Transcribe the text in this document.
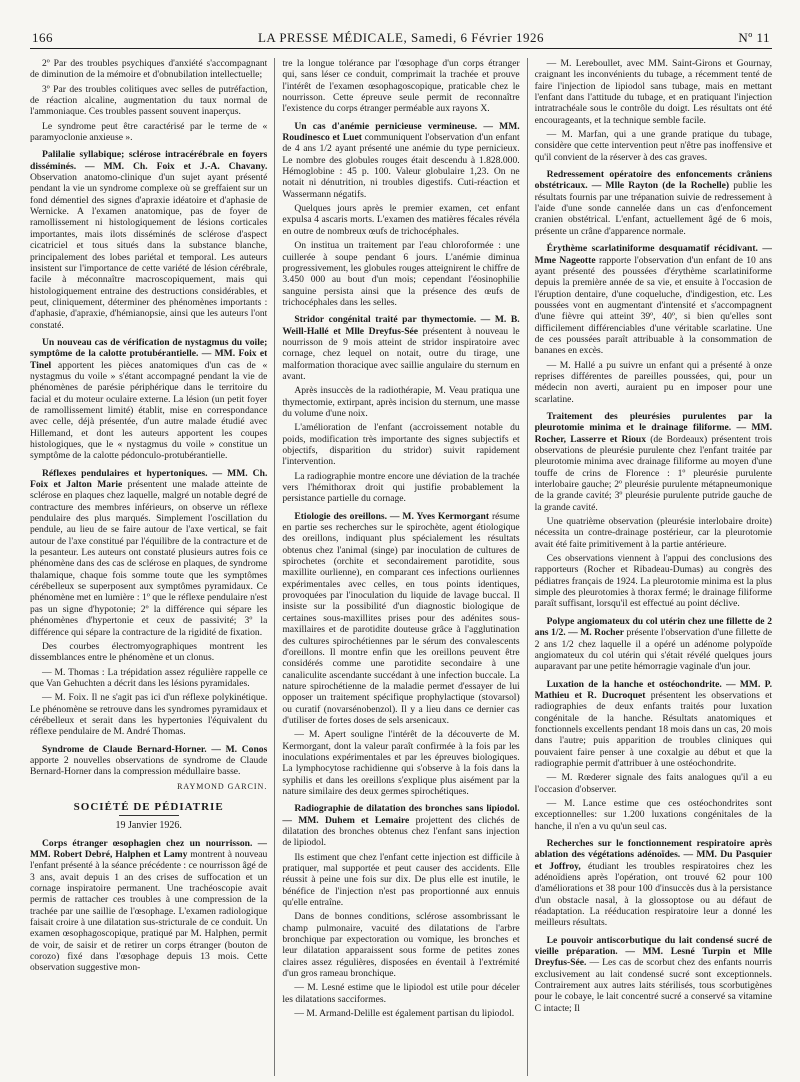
166	LA PRESSE MÉDICALE, Samedi, 6 Février 1926	Nº 11

2º Par des troubles psychiques d'anxiété s'accompagnant de diminution de la mémoire et d'obnubilation intellectuelle;

3º Par des troubles colitiques avec selles de putréfaction, de réaction alcaline, augmentation du taux normal de l'ammoniaque. Ces troubles passent souvent inaperçus.

Le syndrome peut être caractérisé par le terme de « paramyoclonie anxieuse ».

Palilalie syllabique; sclérose intracérébrale en foyers disséminés. — MM. Ch. Foix et J.-A. Chavany. Observation anatomo-clinique d'un sujet ayant présenté pendant la vie un syndrome complexe où se greffaient sur un fond démentiel des signes d'apraxie idéatoire et d'aphasie de Wernicke. A l'examen anatomique, pas de foyer de ramollissement ni histologiquement de lésions corticales importantes, mais ilots disséminés de sclérose d'aspect cicatriciel et tous situés dans la substance blanche, principalement des lobes pariétal et temporal. Les auteurs insistent sur l'importance de cette variété de lésion cérébrale, facile à méconnaître macroscopiquement, mais qui histologiquement entraine des destructions considérables, et peut, cliniquement, déterminer des phénomènes importants : d'aphasie, d'apraxie, d'hémianopsie, ainsi que les auteurs l'ont constaté.

Un nouveau cas de vérification de nystagmus du voile; symptôme de la calotte protubérantielle. — MM. Foix et Tinel apportent les pièces anatomiques d'un cas de « nystagmus du voile » s'étant accompagné pendant la vie de phénomènes de parésie périphérique dans le territoire du facial et du moteur oculaire externe. La lésion (un petit foyer de ramollissement limité) établit, mise en correspondance avec celle, déjà présentée, d'un autre malade étudié avec Hillemand, et dont les auteurs apportent les coupes histologiques, que le « nystagmus du voile » constitue un symptôme de la calotte pédonculo-protubérantielle.

Réflexes pendulaires et hypertoniques. — MM. Ch. Foix et Jalton Marie présentent une malade atteinte de sclérose en plaques chez laquelle, malgré un notable degré de contracture des membres inférieurs, on observe un réflexe pendulaire des plus marqués. Simplement l'oscillation du pendule, au lieu de se faire autour de l'axe vertical, se fait autour de l'axe constitué par l'équilibre de la contracture et de la pesanteur. Les auteurs ont constaté plusieurs autres fois ce phénomène dans des cas de sclérose en plaques, de syndrome thalamique, chaque fois somme toute que les symptômes cérébelleux se superposent aux symptômes pyramidaux. Ce phénomène met en lumière : 1º que le réflexe pendulaire n'est pas un signe d'hypotonie; 2º la différence qui sépare les phénomènes d'hypertonie et ceux de passivité; 3º la différence qui sépare la contracture de la rigidité de fixation.

Des courbes électromyographiques montrent les dissemblances entre le phénomène et un clonus.

— M. Thomas : La trépidation assez régulière rappelle ce que Van Gehuchten a décrit dans les lésions pyramidales.

— M. Foix. Il ne s'agit pas ici d'un réflexe polykinétique. Le phénomène se retrouve dans les syndromes pyramidaux et cérébelleux et serait dans les hypertonies l'équivalent du réflexe pendulaire de M. André Thomas.

Syndrome de Claude Bernard-Horner. — M. Conos apporte 2 nouvelles observations de syndrome de Claude Bernard-Horner dans la compression médullaire basse.

RAYMOND GARCIN.
SOCIÉTÉ DE PÉDIATRIE
19 Janvier 1926.

Corps étranger œsophagien chez un nourrisson. — MM. Robert Debré, Halphen et Lamy montrent à nouveau l'enfant présenté à la séance précédente : ce nourrisson âgé de 3 ans, avait depuis 1 an des crises de suffocation et un cornage inspiratoire permanent. Une trachéoscopie avait permis de rattacher ces troubles à une compression de la trachée par une saillie de l'œsophage. L'examen radiologique faisait croire à une dilatation sus-stricturale de ce conduit. Un examen œsophagoscopique, pratiqué par M. Halphen, permit de voir, de saisir et de retirer un corps étranger (bouton de corozo) fixé dans l'œsophage depuis 13 mois. Cette observation suggestive mon-

tre la longue tolérance par l'œsophage d'un corps étranger qui, sans léser ce conduit, comprimait la trachée et prouve l'intérêt de l'examen œsophagoscopique, praticable chez le nourrisson. Cette épreuve seule permit de reconnaître l'existence du corps étranger perméable aux rayons X.

Un cas d'anémie pernicieuse vermineuse. — MM. Roudinesco et Luet communiquent l'observation d'un enfant de 4 ans 1/2 ayant présenté une anémie du type pernicieux. Le nombre des globules rouges était descendu à 1.828.000. Hémoglobine : 45 p. 100. Valeur globulaire 1,23. On ne notait ni dénutrition, ni troubles digestifs. Cuti-réaction et Wassermann négatifs.

Quelques jours après le premier examen, cet enfant expulsa 4 ascaris morts. L'examen des matières fécales révéla en outre de nombreux œufs de trichocéphales.

On institua un traitement par l'eau chloroformée : une cuillerée à soupe pendant 6 jours. L'anémie diminua progressivement, les globules rouges atteignirent le chiffre de 3.450 000 au bout d'un mois; cependant l'éosinophilie sanguine persista ainsi que la présence des œufs de trichocéphales dans les selles.

Stridor congénital traité par thymectomie. — M. B. Weill-Hallé et Mlle Dreyfus-Sée présentent à nouveau le nourrisson de 9 mois atteint de stridor inspiratoire avec cornage, chez lequel on notait, outre du tirage, une malformation thoracique avec saillie angulaire du sternum en avant.

Après insuccès de la radiothérapie, M. Veau pratiqua une thymectomie, extirpant, après incision du sternum, une masse du volume d'une noix.

L'amélioration de l'enfant (accroissement notable du poids, modification très importante des signes subjectifs et objectifs, disparition du stridor) suivit rapidement l'intervention.

La radiographie montre encore une déviation de la trachée vers l'hémithorax droit qui justifie probablement la persistance partielle du cornage.

Etiologie des oreillons. — M. Yves Kermorgant résume en partie ses recherches sur le spirochète, agent étiologique des oreillons, indiquant plus spécialement les résultats obtenus chez l'animal (singe) par inoculation de cultures de spirochetes (orchite et secondairement parotidite, sous maxillite ourlienne), en comparant ces infections ourliennes expérimentales avec celles, en tous points identiques, provoquées par l'inoculation du liquide de lavage buccal. Il insiste sur la possibilité d'un diagnostic biologique de certaines sous-maxillites prises pour des adénites sous-maxillaires et de parotidite douteuse grâce à l'agglutination des cultures spirochétiennes par le sérum des convalescents d'oreillons. Il montre enfin que les oreillons peuvent être considérés comme une parotidite secondaire à une canaliculite ascendante succédant à une infection buccale. La nature spirochétienne de la maladie permet d'essayer de lui opposer un traitement spécifique prophylactique (stovarsol) ou curatif (novarsénobenzol). Il y a lieu dans ce dernier cas d'utiliser de fortes doses de sels arsenicaux.

— M. Apert souligne l'intérêt de la découverte de M. Kermorgant, dont la valeur paraît confirmée à la fois par les inoculations expérimentales et par les épreuves biologiques. La lymphocytose rachidienne qui s'observe à la fois dans la syphilis et dans les oreillons s'explique plus aisément par la nature similaire des deux germes spirochétiques.

Radiographie de dilatation des bronches sans lipiodol. — MM. Duhem et Lemaire projettent des clichés de dilatation des bronches obtenus chez l'enfant sans injection de lipiodol.

Ils estiment que chez l'enfant cette injection est difficile à pratiquer, mal supportée et peut causer des accidents. Elle réussit à peine une fois sur dix. De plus elle est inutile, le bénéfice de l'injection n'est pas proportionné aux ennuis qu'elle entraîne.

Dans de bonnes conditions, sclérose assombrissant le champ pulmonaire, vacuité des dilatations de l'arbre bronchique par expectoration ou vomique, les bronches et leur dilatation apparaissent sous forme de petites zones claires assez régulières, disposées en éventail à l'extrémité d'un gros rameau bronchique.

— M. Lesné estime que le lipiodol est utile pour déceler les dilatations sacciformes.

— M. Armand-Delille est également partisan du lipiodol.

— M. Lereboullet, avec MM. Saint-Girons et Gournay, craignant les inconvénients du tubage, a récemment tenté de faire l'injection de lipiodol sans tubage, mais en mettant l'enfant dans l'attitude du tubage, et en pratiquant l'injection intratrachéale sous le contrôle du doigt. Les résultats ont été encourageants, et la technique semble facile.

— M. Marfan, qui a une grande pratique du tubage, considère que cette intervention peut n'être pas inoffensive et qu'il convient de la réserver à des cas graves.

Redressement opératoire des enfoncements crâniens obstétricaux. — Mlle Rayton (de la Rochelle) publie les résultats fournis par une trépanation suivie de redressement à l'aide d'une sonde cannelée dans un cas d'enfoncement cranien obstétrical. L'enfant, actuellement âgé de 6 mois, présente un crâne d'apparence normale.

Érythème scarlatiniforme desquamatif récidivant. — Mme Nageotte rapporte l'observation d'un enfant de 10 ans ayant présenté des poussées d'érythème scarlatiniforme depuis la première année de sa vie, et ensuite à l'occasion de l'éruption dentaire, d'une coqueluche, d'indigestion, etc. Les poussées vont en augmentant d'intensité et s'accompagnent d'une fièvre qui atteint 39º, 40º, si bien qu'elles sont difficilement différenciables d'une véritable scarlatine. Une de ces poussées paraît attribuable à la consommation de bananes en excès.

— M. Hallé a pu suivre un enfant qui a présenté à onze reprises différentes de pareilles poussées, qui, pour un médecin non averti, auraient pu en imposer pour une scarlatine.

Traitement des pleurésies purulentes par la pleurotomie minima et le drainage filiforme. — MM. Rocher, Lasserre et Rioux (de Bordeaux) présentent trois observations de pleurésie purulente chez l'enfant traitée par pleurotomie minima avec drainage filiforme au moyen d'une touffe de crins de Florence : 1º pleurésie purulente interlobaire gauche; 2º pleurésie purulente métapneumonique de la grande cavité; 3º pleurésie purulente putride gauche de la grande cavité.

Une quatrième observation (pleurésie interlobaire droite) nécessita un contre-drainage postérieur, car la pleurotomie avait été faite primitivement à la partie antérieure.

Ces observations viennent à l'appui des conclusions des rapporteurs (Rocher et Ribadeau-Dumas) au congrès des pédiatres français de 1924. La pleurotomie minima est la plus simple des pleurotomies à thorax fermé; le drainage filiforme paraît suffisant, lorsqu'il est effectué au point déclive.

Polype angiomateux du col utérin chez une fillette de 2 ans 1/2. — M. Rocher présente l'observation d'une fillette de 2 ans 1/2 chez laquelle il a opéré un adénome polypoïde angiomateux du col utérin qui s'était révélé quelques jours auparavant par une petite hémorragie vaginale d'un jour.

Luxation de la hanche et ostéochondrite. — MM. P. Mathieu et R. Ducroquet présentent les observations et radiographies de deux enfants traités pour luxation congénitale de la hanche. Résultats anatomiques et fonctionnels excellents pendant 18 mois dans un cas, 20 mois dans l'autre; puis apparition de troubles cliniques qui pouvaient faire penser à une coxalgie au début et que la radiographie permit d'attribuer à une ostéochondrite.

— M. Rœderer signale des faits analogues qu'il a eu l'occasion d'observer.

— M. Lance estime que ces ostéochondrites sont exceptionnelles: sur 1.200 luxations congénitales de la hanche, il n'en a vu qu'un seul cas.

Recherches sur le fonctionnement respiratoire après ablation des végétations adénoïdes. — MM. Du Pasquier et Joffroy, étudiant les troubles respiratoires chez les adénoïdiens après l'opération, ont trouvé 62 pour 100 d'améliorations et 38 pour 100 d'insuccès dus à la persistance d'un obstacle nasal, à la glossoptose ou au défaut de réadaptation. La rééducation respiratoire leur a donné les meilleurs résultats.

Le pouvoir antiscorbutique du lait condensé sucré de vieille préparation. — MM. Lesné Turpin et Mlle Dreyfus-Sée. — Les cas de scorbut chez des enfants nourris exclusivement au lait condensé sucré sont exceptionnels. Contrairement aux autres laits stérilisés, tous scorbutigènes pour le cobaye, le lait concentré sucré a conservé sa vitamine C intacte; Il
